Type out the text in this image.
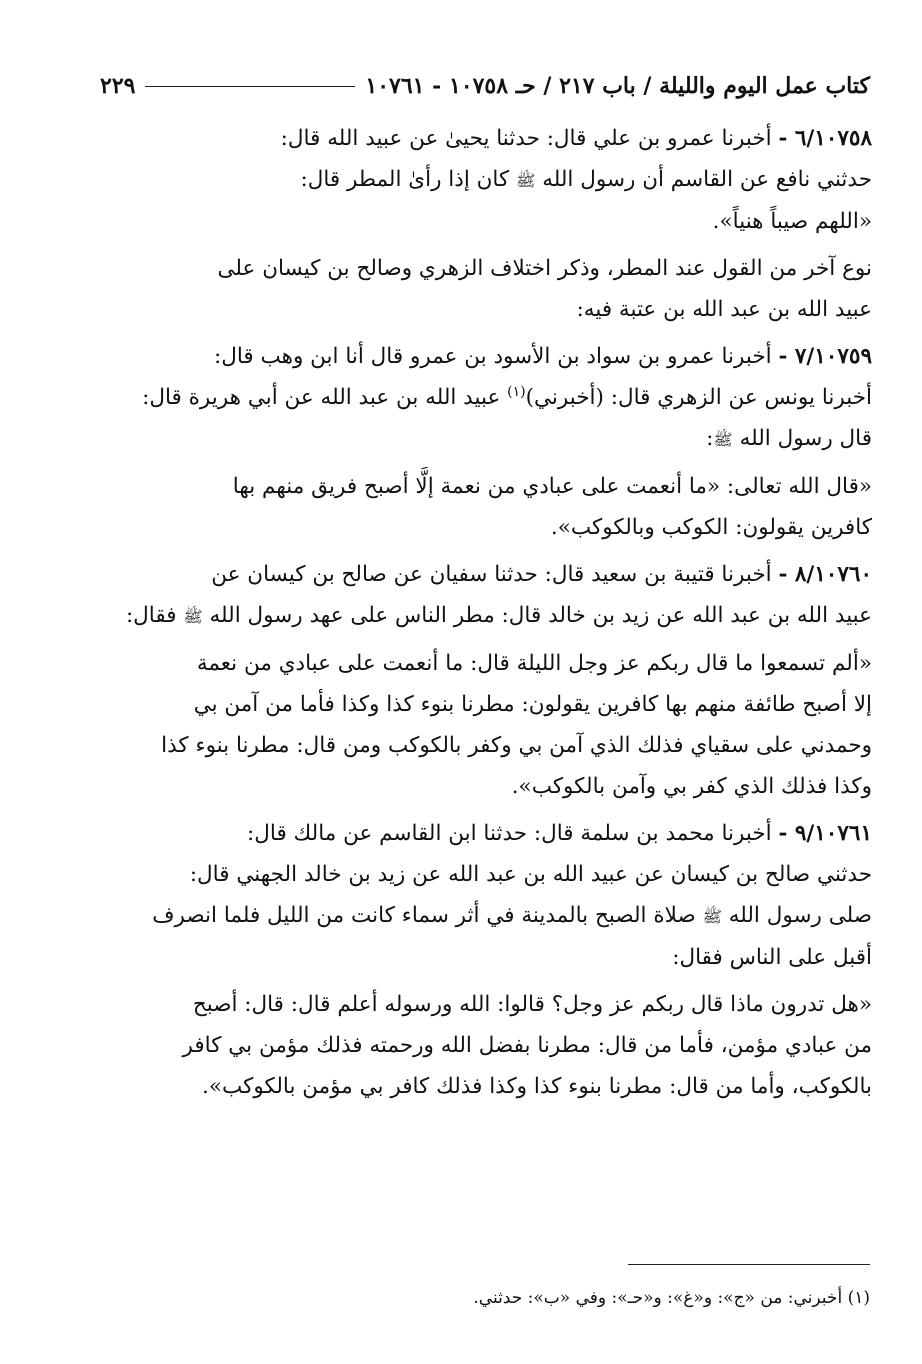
كتاب عمل اليوم والليلة / باب ٢١٧ / حـ ١٠٧٥٨ - ١٠٧٦١
٢٢٩

٦/١٠٧٥٨ - أخبرنا عمرو بن علي قال: حدثنا يحيىٰ عن عبيد الله قال:
حدثني نافع عن القاسم أن رسول الله ﷺ كان إذا رأىٰ المطر قال:

«اللهم صيباً هنياً».

نوع آخر من القول عند المطر، وذكر اختلاف الزهري وصالح بن كيسان على
عبيد الله بن عبد الله بن عتبة فيه:

٧/١٠٧٥٩ - أخبرنا عمرو بن سواد بن الأسود بن عمرو قال أنا ابن وهب قال:
أخبرنا يونس عن الزهري قال: (أخبرني)$^{(١)}$ عبيد الله بن عبد الله عن أبي هريرة قال:
قال رسول الله ﷺ:

«قال الله تعالى: «ما أنعمت على عبادي من نعمة إلَّا أصبح فريق منهم بها
كافرين يقولون: الكوكب وبالكوكب».

٨/١٠٧٦٠ - أخبرنا قتيبة بن سعيد قال: حدثنا سفيان عن صالح بن كيسان عن
عبيد الله بن عبد الله عن زيد بن خالد قال: مطر الناس على عهد رسول الله ﷺ فقال:

«ألم تسمعوا ما قال ربكم عز وجل الليلة قال: ما أنعمت على عبادي من نعمة
إلا أصبح طائفة منهم بها كافرين يقولون: مطرنا بنوء كذا وكذا فأما من آمن بي
وحمدني على سقياي فذلك الذي آمن بي وكفر بالكوكب ومن قال: مطرنا بنوء كذا
وكذا فذلك الذي كفر بي وآمن بالكوكب».

٩/١٠٧٦١ - أخبرنا محمد بن سلمة قال: حدثنا ابن القاسم عن مالك قال:
حدثني صالح بن كيسان عن عبيد الله بن عبد الله عن زيد بن خالد الجهني قال:
صلى رسول الله ﷺ صلاة الصبح بالمدينة في أثر سماء كانت من الليل فلما انصرف
أقبل على الناس فقال:

«هل تدرون ماذا قال ربكم عز وجل؟ قالوا: الله ورسوله أعلم قال: قال: أصبح
من عبادي مؤمن، فأما من قال: مطرنا بفضل الله ورحمته فذلك مؤمن بي كافر
بالكوكب، وأما من قال: مطرنا بنوء كذا وكذا فذلك كافر بي مؤمن بالكوكب».

(١) أخبرني: من «ج»: و«غ»: و«حـ»: وفي «ب»: حدثني.
